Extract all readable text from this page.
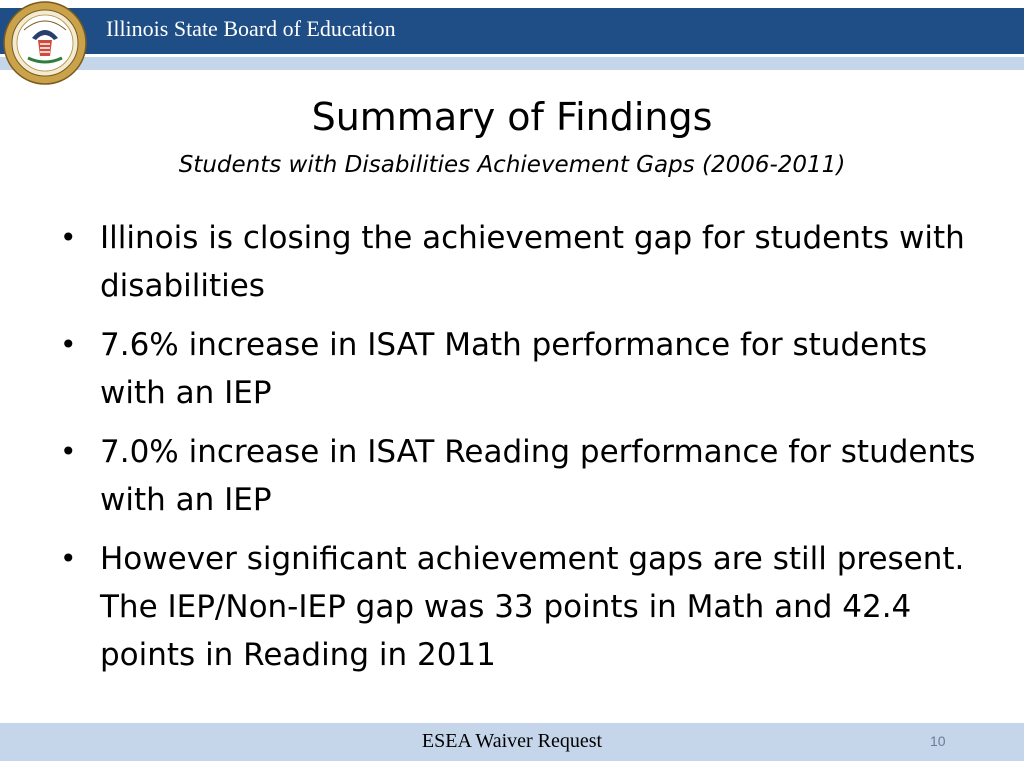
Illinois State Board of Education
Summary of Findings
Students with Disabilities Achievement Gaps (2006-2011)
• Illinois is closing the achievement gap for students with disabilities
• 7.6% increase in ISAT Math performance for students with an IEP
• 7.0% increase in ISAT Reading performance for students with an IEP
• However significant achievement gaps are still present. The IEP/Non-IEP gap was 33 points in Math and 42.4 points in Reading in 2011
ESEA Waiver Request	10
